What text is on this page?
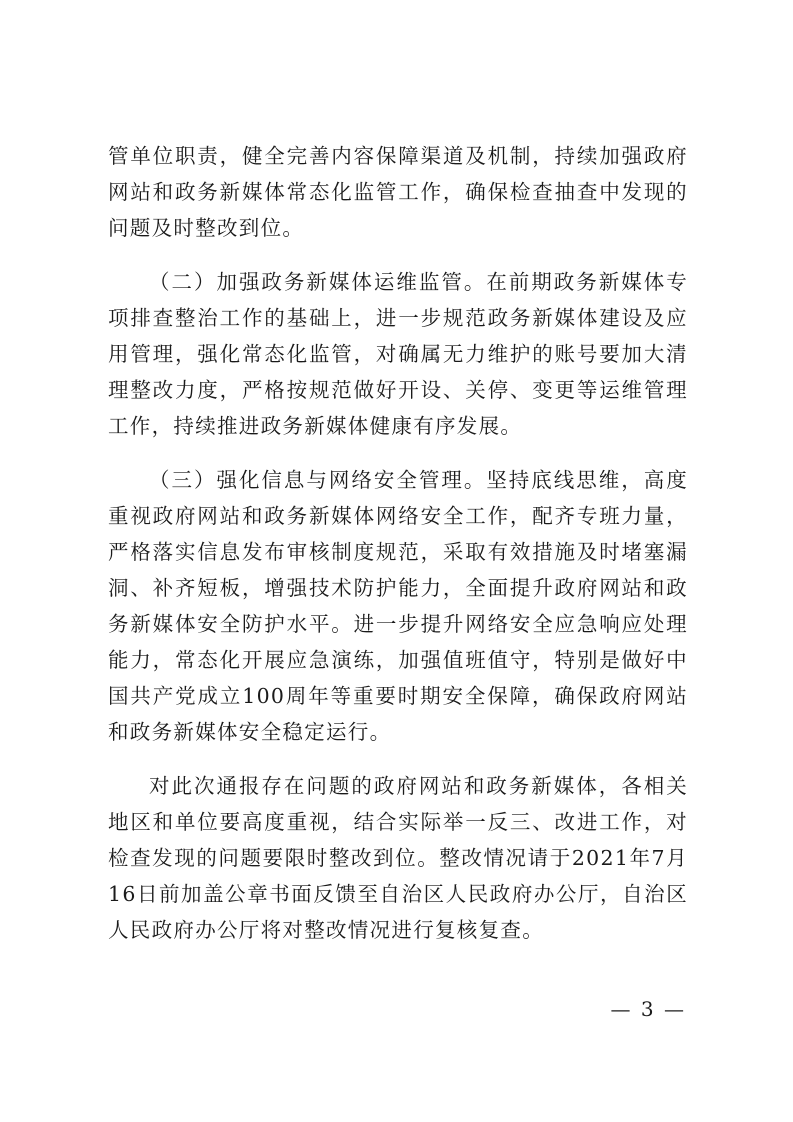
管单位职责，健全完善内容保障渠道及机制，持续加强政府网站和政务新媒体常态化监管工作，确保检查抽查中发现的问题及时整改到位。

（二）加强政务新媒体运维监管。在前期政务新媒体专项排查整治工作的基础上，进一步规范政务新媒体建设及应用管理，强化常态化监管，对确属无力维护的账号要加大清理整改力度，严格按规范做好开设、关停、变更等运维管理工作，持续推进政务新媒体健康有序发展。

（三）强化信息与网络安全管理。坚持底线思维，高度重视政府网站和政务新媒体网络安全工作，配齐专班力量，严格落实信息发布审核制度规范，采取有效措施及时堵塞漏洞、补齐短板，增强技术防护能力，全面提升政府网站和政务新媒体安全防护水平。进一步提升网络安全应急响应处理能力，常态化开展应急演练，加强值班值守，特别是做好中国共产党成立100周年等重要时期安全保障，确保政府网站和政务新媒体安全稳定运行。

对此次通报存在问题的政府网站和政务新媒体，各相关地区和单位要高度重视，结合实际举一反三、改进工作，对检查发现的问题要限时整改到位。整改情况请于2021年7月16日前加盖公章书面反馈至自治区人民政府办公厅，自治区人民政府办公厅将对整改情况进行复核复查。

— 3 —
